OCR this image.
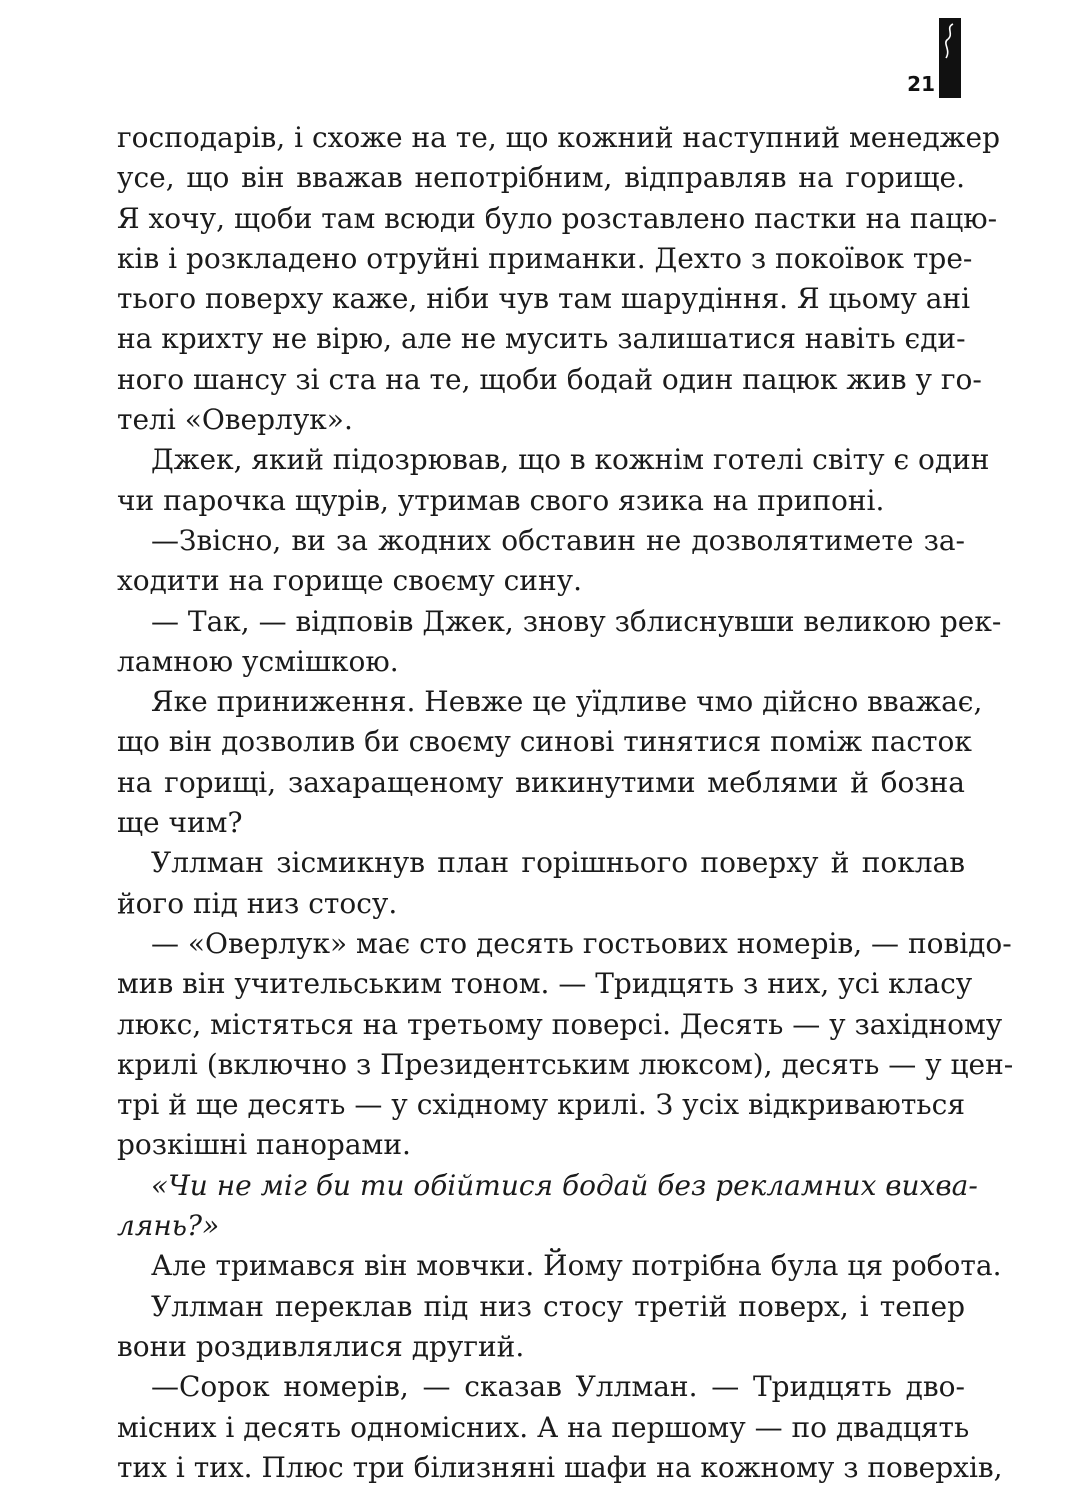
21
господарів, і схоже на те, що кожний наступний менеджер
усе, що він вважав непотрібним, відправляв на горище.
Я хочу, щоби там всюди було розставлено пастки на пацю-
ків і розкладено отруйні приманки. Дехто з покоївок тре-
тього поверху каже, ніби чув там шарудіння. Я цьому ані
на крихту не вірю, але не мусить залишатися навіть єди-
ного шансу зі ста на те, щоби бодай один пацюк жив у го-
телі «Оверлук».
Джек, який підозрював, що в кожнім готелі світу є один
чи парочка щурів, утримав свого язика на припоні.
—Звісно, ви за жодних обставин не дозволятимете за-
ходити на горище своєму сину.
— Так, — відповів Джек, знову зблиснувши великою рек-
ламною усмішкою.
Яке приниження. Невже це уїдливе чмо дійсно вважає,
що він дозволив би своєму синові тинятися поміж пасток
на горищі, захаращеному викинутими меблями й бозна
ще чим?
Уллман зісмикнув план горішнього поверху й поклав
його під низ стосу.
— «Оверлук» має сто десять гостьових номерів, — повідо-
мив він учительським тоном. — Тридцять з них, усі класу
люкс, містяться на третьому поверсі. Десять — у західному
крилі (включно з Президентським люксом), десять — у цен-
трі й ще десять — у східному крилі. З усіх відкриваються
розкішні панорами.
«Чи не міг би ти обійтися бодай без рекламних вихва-
лянь?»
Але тримався він мовчки. Йому потрібна була ця робота.
Уллман переклав під низ стосу третій поверх, і тепер
вони роздивлялися другий.
—Сорок номерів, — сказав Уллман. — Тридцять дво-
місних і десять одномісних. А на першому — по двадцять
тих і тих. Плюс три білизняні шафи на кожному з поверхів,
